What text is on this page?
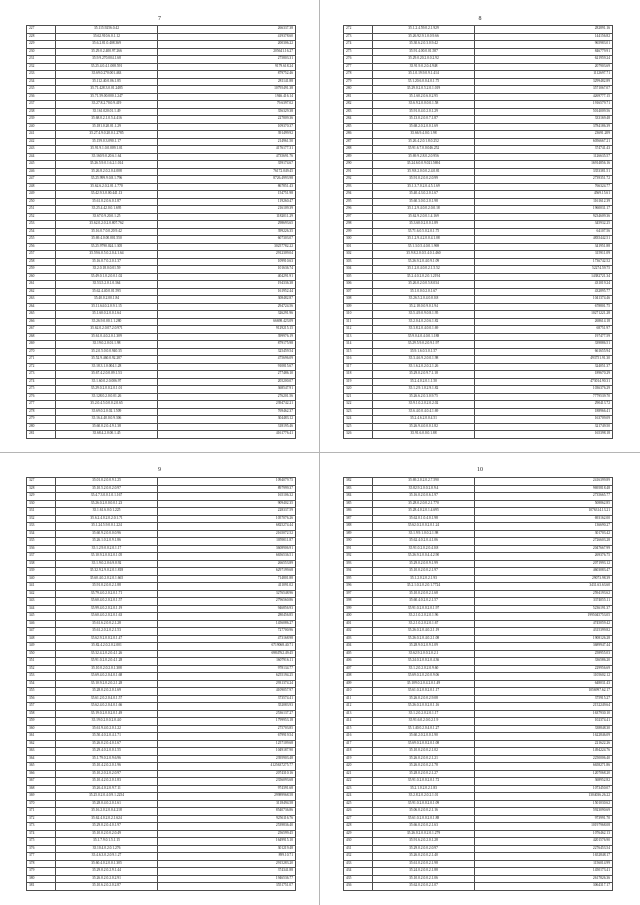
7
227	35.115.9256.0.42	266337.38
228	35.62.910.6.0.1.12	419378.60
229	35.6.2.81.0.408.369	200306.22
230	35.29.0.2.400.97.266	205641.16.27
231	35.9.9.270.004.1.68	275803.31
232	35.25.4.0.4.1.008.591	9179.618.24
233	35.69.0.270.001.463	879752.46
234	35.112.40.0.06.1.85	281141.88
235	35.71.428.3.0.01.2485	10795491.38
236	35.71.59.00.000.1.247	1946.416.14
237	35.27.8.2.70.0.9.419	79.6397.02
238	35.161.020.01.1.49	356329.38
239	35.68.0.2.1.0.5.4.416	227809.36
240	35.181.0.20.01.1.29	109370.37
241	35.27.4.9.0.20.0.1.2785	391499.92
242	35.159.0.3.090.1.17	214961.50
243	35.91.9.1.0.0.009.1.01	4176177.31
244	35.160.9.0.20.6.1.64	4735691.76
245	35.26.5.9.0.1.6.2.1.014	359174.67
246	35.26.8.2.0.2.0.4.008	76172.049.45
247	35.25.999.9.0.8.1.796	8726.4993.98
248	35.62.6.2.0.2.01.1.770	867851.43
249	35.42.9.3.0.00.441.13	154751.98
250	35.61.0.2.0.6.0.1.87	119260.47
251	35.25.4.42.0.0.1.695	216109.39
252	35.67.0.9.20.0.1.25	1182011.29
253	35.62.0.2.0.2.0.807.762	298693.65
254	35.16.0.7.0.0.20.9.42	399226.35
255	35.69.4.0.00.001.550	607303.07
256	35.25.9790.024.1.305	30257782.22
257	35.59.6.0.5.0.2.0.4.1.64	2912309.04
258	35.16.0.7.0.2.0.1.37	109910.63
259	35.2.0.18.0.0.01.59	101636.74
260	35.49.0.1.0.2.0.0.1.02	404291.91
261	35.53.5.2.0.1.0.364	194336.38
262	35.62.4.40.0.01.595	161952.44
263	35.40.0.2.00.1.84	308482.87
264	35.11.64.0.2.0.9.1.15	294724.56
265	35.1.60.0.2.0.0.1.64	326291.96
266	35.26.9.0.00.1.1.280	66698.423.09
267	35.62.0.2.0.07.2.0.971	9129215.15
268	35.61.0.4.0.2.0.1.309	399976.19
269	35.19.0.2.0.01.1.98	879175.98
270	35.2.0.5.0.0.0.940.35	325459.54
271	35.52.9.460.0.92.287	475696.09
272	35.18.3.1.0.004.1.28	910815.67
273	35.67.4.2.0.0.09.1.53	277486.10
274	35.1.60.0.2.0.006.97	205200.07
275	35.29.0.2.0.0.2.0.1.01	368547.91
276	35.128.0.2.0.0.01.26	276201.56
277	35.2.0.4.5.0.0.0.2.0.65	2394742.21
278	35.69.0.2.0.02.1.509	769462.37
279	35.16.4.40.0.0.9.306	304483.12
280	35.60.0.2.0.4.9.1.38	318195.46
281	35.68.4.2.0.00.1.45	4161776.41
8
272	35.1.2.4.59.0.2.1.929	282891.16
273	35.26.92.9.1.0.0.9.66	144156.82
274	35.30.6.2.0.3.0.9.42	965983.01
275	35.91.4.00.0.01.587	846779.91
276	35.29.0.20.2.0.0.2.92	621959.24
277	35.91.9.0.2.0.4.948	207903.69
278	35.1.0.19.9.0.9.1.414	1112697.71
279	35.1.20.6.0.0.4.0.1.75	3299482.89
280	35.29.0.2.0.5.2.0.1.019	3571067.07
281	35.1.60.2.0.6.0.2.95	4269777.15
282	35.6.9.2.0.0.0.0.1.58	1916579.71
283	35.91.0.4.0.2.0.1.29	5014009.56
284	35.13.0.2.0.0.7.1.87	333169.48
285	35.68.2.0.2.0.0.1.69	3784186.39
286	35.66.9.4.0.0.1.98	23691.209
287	35.26.4.2.0.1.8.0.252	6056667.21
288	35.91.6.7.0.0.046.252	374741.43
289	35.69.9.2.8.0.2.0.956	1126635.57
290	35.24.6.0.0.9.021.5694	16914856.16
291	35.9.8.2.0.0.0.2.4.0.81	3353381.51
292	35.91.0.2.0.0.2.0.99	2739351.72
293	35.1.3.7.0.2.0.4.5.1.69	766324.77
294	35.40.4.3.0.2.0.1.67	4569.15.61
295	35.60.3.0.0.2.0.1.98	1161612.39
296	35.1.2.9.4.0.0.2.0.0.18	1960031.17
297	35.62.9.2.0.0.1.4.169	9234609.36
298	35.3.60.0.2.0.0.1.89	345932.25
299	35.71.6.0.5.0.2.0.1.75	64107.56
300	35.1.2.9.4.2.0.0.4.1.08	4835442.51
301	35.1.3.0.5.4.0.0.1.969	341951.88
302	35.9.8.2.0.0.5.4.0.1.460	315911.09
303	35.26.9.2.0.4.0.9.1.09	1736742.52
304	35.1.2.0.4.0.0.2.1.5.52	52274.59.75
305	35.2.4.0.2.0.2.0.1.2194	14382721.34
306	35.26.0.2.0.0.5.8.034	431019.24
307	35.1.0.0.0.2.0.1.67	432895.77
308	35.26.5.2.0.4.0.0.0.8	1041374.46
309	35.2.18.0.0.9.0.1.94	678801.75
310	35.5.4.9.0.9.0.8.1.95	10271221.28
311	35.2.0.4.0.2.0.6.1.82	268614.18
312	35.3.8.2.0.4.0.0.1.69	68751.97
313	35.9.0.4.0.4.0.0.1.188	197477.59
314	35.29.5.9.0.2.0.9.1.97	339886.51
315	35.9.1.6.0.3.0.1.57	661655.94
316	35.3.4.6.9.2.0.0.1.98	493751.91.30
317	35.1.6.2.0.2.0.2.1.26	324051.37
318	35.29.0.2.0.9.7.1.18	189670.29
319	35.2.4.0.2.0.1.1.50	473014.90.31
320	35.1.2.9.1.0.2.9.1.82	1036376.29
321	35.26.6.2.0.3.0.9.75	7779539.70
322	35.9.1.0.2.0.2.0.2.02	290413.72
323	35.6.4.0.0.4.0.4.1.69	188966.41
324	35.2.4.6.2.0.0.4.51	163709.09
325	35.26.9.4.0.0.0.1.82	321749.50
326	35.91.6.0.0.0.1.88	165398.18
9
327	35.01.0.2.0.0.9.1.25	1094079.75
328	35.10.5.2.0.0.2.0.97	897999.37
329	35.4.7.3.0.0.1.0.1.167	165106.32
330	35.26.0.2.0.0.0.0.1.23	909402.35
331	35.1.61.6.0.0.1.225	228337.59
332	35.6.2.4.0.2.0.2.0.1.71	1057076.26
333	35.1.24.5.9.0.0.1.224	6825274.44
334	35.60.9.2.0.0.0.0.96	2165072.52
335	35.26.1.0.2.0.9.1.86	1059011.87
336	35.1.2.9.0.0.2.0.1.17	3608906.91
337	35.10.9.2.0.0.2.0.1.05	6656536.51
338	35.1.9.0.2.0.6.9.0.92	266553.89
339	35.32.9.2.9.0.2.0.1.818	6297199.68
340	35.60.4.0.2.0.2.0.1.665	714801.88
341	35.91.0.2.0.0.2.1.88	411091.02
342	35.79.4.0.2.0.2.0.1.71	3276548.96
343	35.60.4.0.2.0.2.0.1.57	2796560.86
344	35.99.4.0.2.0.2.0.1.19	946856.93
345	35.60.4.0.2.0.2.0.1.63	280456.85
346	35.61.6.2.0.0.2.1.28	1456086.27
347	35.61.2.0.2.0.2.1.53	727700.96
348	35.62.9.2.0.0.2.0.1.47	473168.98
349	35.82.4.2.0.2.0.2.001	6719068.40.71
350	35.32.4.2.0.2.0.4.1.26	6984762.49.45
351	35.91.0.2.0.2.0.4.1.28	1607916.11
352	35.10.0.2.0.2.0.1.308	978134.77
353	35.69.4.0.2.0.4.0.1.68	6255194.25
354	35.10.9.2.0.2.0.2.1.28	2931374.24
355	35.28.0.2.0.2.0.1.69	4109057.97
356	35.61.2.0.2.0.4.0.1.57	373574.41
357	35.62.4.0.2.0.4.0.1.66	352083.93
358	35.19.0.2.0.0.2.0.1.49	2536137.27
359	35.19.0.2.0.0.2.0.4.0	1799953.18
360	35.61.9.4.0.2.0.1.22	275703.85
361	35.50.4.0.2.0.4.1.71	679919.54
362	35.26.0.2.0.4.0.1.67	1257109.68
363	35.29.4.0.2.0.0.1.55	1049187.90
364	35.1.79.0.2.0.9.6.96	2395903.48
365	35.10.4.2.0.2.0.1.96	4125637275.77
366	35.10.2.0.2.0.2.0.97	2074310.16
367	35.10.4.2.0.2.0.1.83	2356093.68
368	35.26.4.0.2.0.9.7.11	974391.68
369	35.25.0.2.0.4.0.9.1.2254	29989968.58
370	35.28.0.4.0.2.0.1.61	3118494.58
371	35.16.2.0.2.0.0.4.218	8540736.86
372	35.62.4.0.2.0.2.1.624	9256116.76
373	35.29.0.2.0.4.0.1.97	2539836.40
374	35.10.0.2.0.0.2.0.49	256599.45
375	35.1.7.9.0.1.5.1.15	1649915.10
376	35.10.4.0.2.0.1.276	301219.48
377	35.4.6.3.0.2.0.9.1.27	899.10.71
378	35.60.4.0.2.0.0.1.305	2915283.20
379	35.29.0.2.0.2.9.1.44	374341.88
380	35.26.0.2.0.2.0.2.91	1946536.77
381	35.10.6.2.0.2.0.2.87	3551751.07
10
382	35.69.2.0.2.0.2.7.590	2416399.89
383	35.82.9.2.0.0.2.0.9.4	9695818.48
384	35.16.0.2.0.0.6.1.97	2735665.77
385	35.28.0.2.0.0.2.1.770	508862.85
386	35.28.4.0.2.0.1.4.695	1076314.13.21
387	35.62.0.1.0.4.0.1.98	693162.00
388	35.62.0.2.0.0.2.0.1.24	136690.27
389	35.1.9.9.1.0.0.2.1.98	301703.42
390	35.62.4.0.2.0.4.1.06	2726603.28
391	35.91.0.2.0.2.0.4.0.8	2047667.99
392	35.26.9.2.0.0.4.4.2.90	269376.75
393	35.29.0.2.0.0.9.1.99	2071993.12
394	35.10.0.2.0.0.2.1.97	4603083.47
395	35.1.2.0.2.0.2.1.93	29073.98.39
396	35.2.1.0.2.0.2.0.1.7724	3431.63.63.60
397	35.10.0.2.0.0.2.1.68	2594193.62
398	35.60.4.0.2.0.2.1.57	3374055.11
399	35.91.0.2.0.0.2.0.1.97	5236191.37
400	35.2.1.0.2.0.2.0.1.96	1995045753.05
401	35.2.1.0.2.0.2.0.1.67	4745059.42
402	35.26.0.2.0.4.0.2.1.19	4315399.82
403	35.26.0.2.0.4.0.2.1.08	1908126.28
404	35.28.9.0.2.0.9.1.09	3689947.44
405	35.62.9.2.0.0.2.0.2.1	258955.03
406	35.24.0.2.0.0.2.0.4.36	336586.20
407	35.1.2.0.2.0.2.0.9.60	229956.69
408	35.69.0.2.0.2.0.0.9.06	1105602.12
409	35.109.0.2.0.4.2.0.1.49	648031.43
410	35.61.0.2.0.0.2.0.1.17	1056997.62.17
411	35.26.0.2.0.0.2.9.08	375915.27
412	35.26.0.2.0.0.2.0.1.16	2152249.64
413	35.1.2.0.2.0.2.0.1.17	1637930.10
414	35.91.6.0.2.0.0.2.1.9	102374.41
415	35.1.40.0.2.0.4.0.1.27	338848.30
416	35.60.2.0.2.0.0.1.90	1622846.09
417	35.69.0.2.0.0.2.0.1.08	221622.26
418	35.10.0.2.0.0.2.1.02	1494224.76
419	35.26.0.2.0.0.2.1.21	2250006.40
420	35.26.0.2.0.0.2.1.78	6658271.86
421	35.28.0.2.0.0.2.1.27	1207068.20
422	35.91.0.2.0.0.2.0.1.72	368952.82
423	35.2.1.0.2.0.2.1.83	1073450.07
424	35.2.8.2.0.2.0.2.1.01	1304036.26.22
425	35.91.0.2.0.0.2.0.1.09	1501030.62
426	35.06.0.2.0.0.2.1.16	5923090.69
427	35.61.0.2.0.0.2.0.1.88	973991.70
428	35.66.0.2.0.0.2.1.63	10197968.08
429	35.26.0.2.0.0.2.0.1.279	1076462.13
430	35.91.6.2.0.2.0.1.28	4201576.90
431	35.29.0.2.0.0.2.0.97	2276453.54
432	35.26.0.2.0.0.2.1.40	1652848.17
433	35.61.0.2.0.0.2.1.98	1156014.99
434	35.24.0.2.0.0.2.1.88	1450173.41
435	35.10.0.2.0.0.2.1.06	2617826.36
436	35.62.0.2.0.0.2.1.07	3064317.17
